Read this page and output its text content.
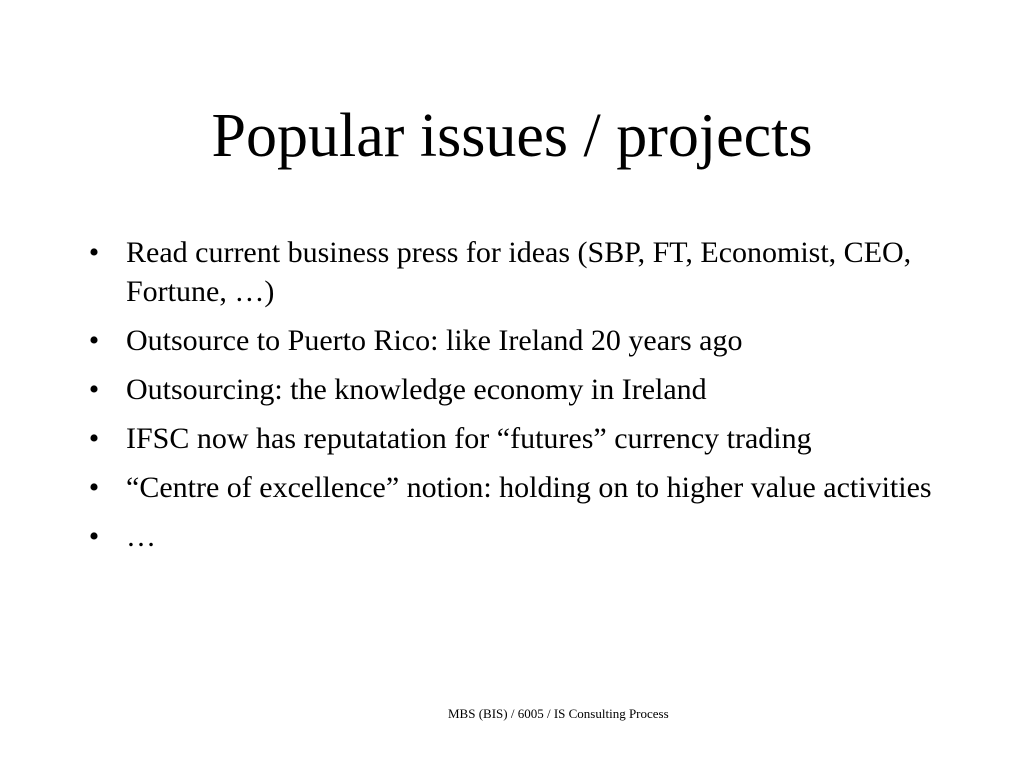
Popular issues / projects
• Read current business press for ideas (SBP, FT, Economist, CEO, Fortune, …)
• Outsource to Puerto Rico: like Ireland 20 years ago
• Outsourcing: the knowledge economy in Ireland
• IFSC now has reputatation for “futures” currency trading
• “Centre of excellence” notion: holding on to higher value activities
• …
MBS (BIS) / 6005 / IS Consulting Process
